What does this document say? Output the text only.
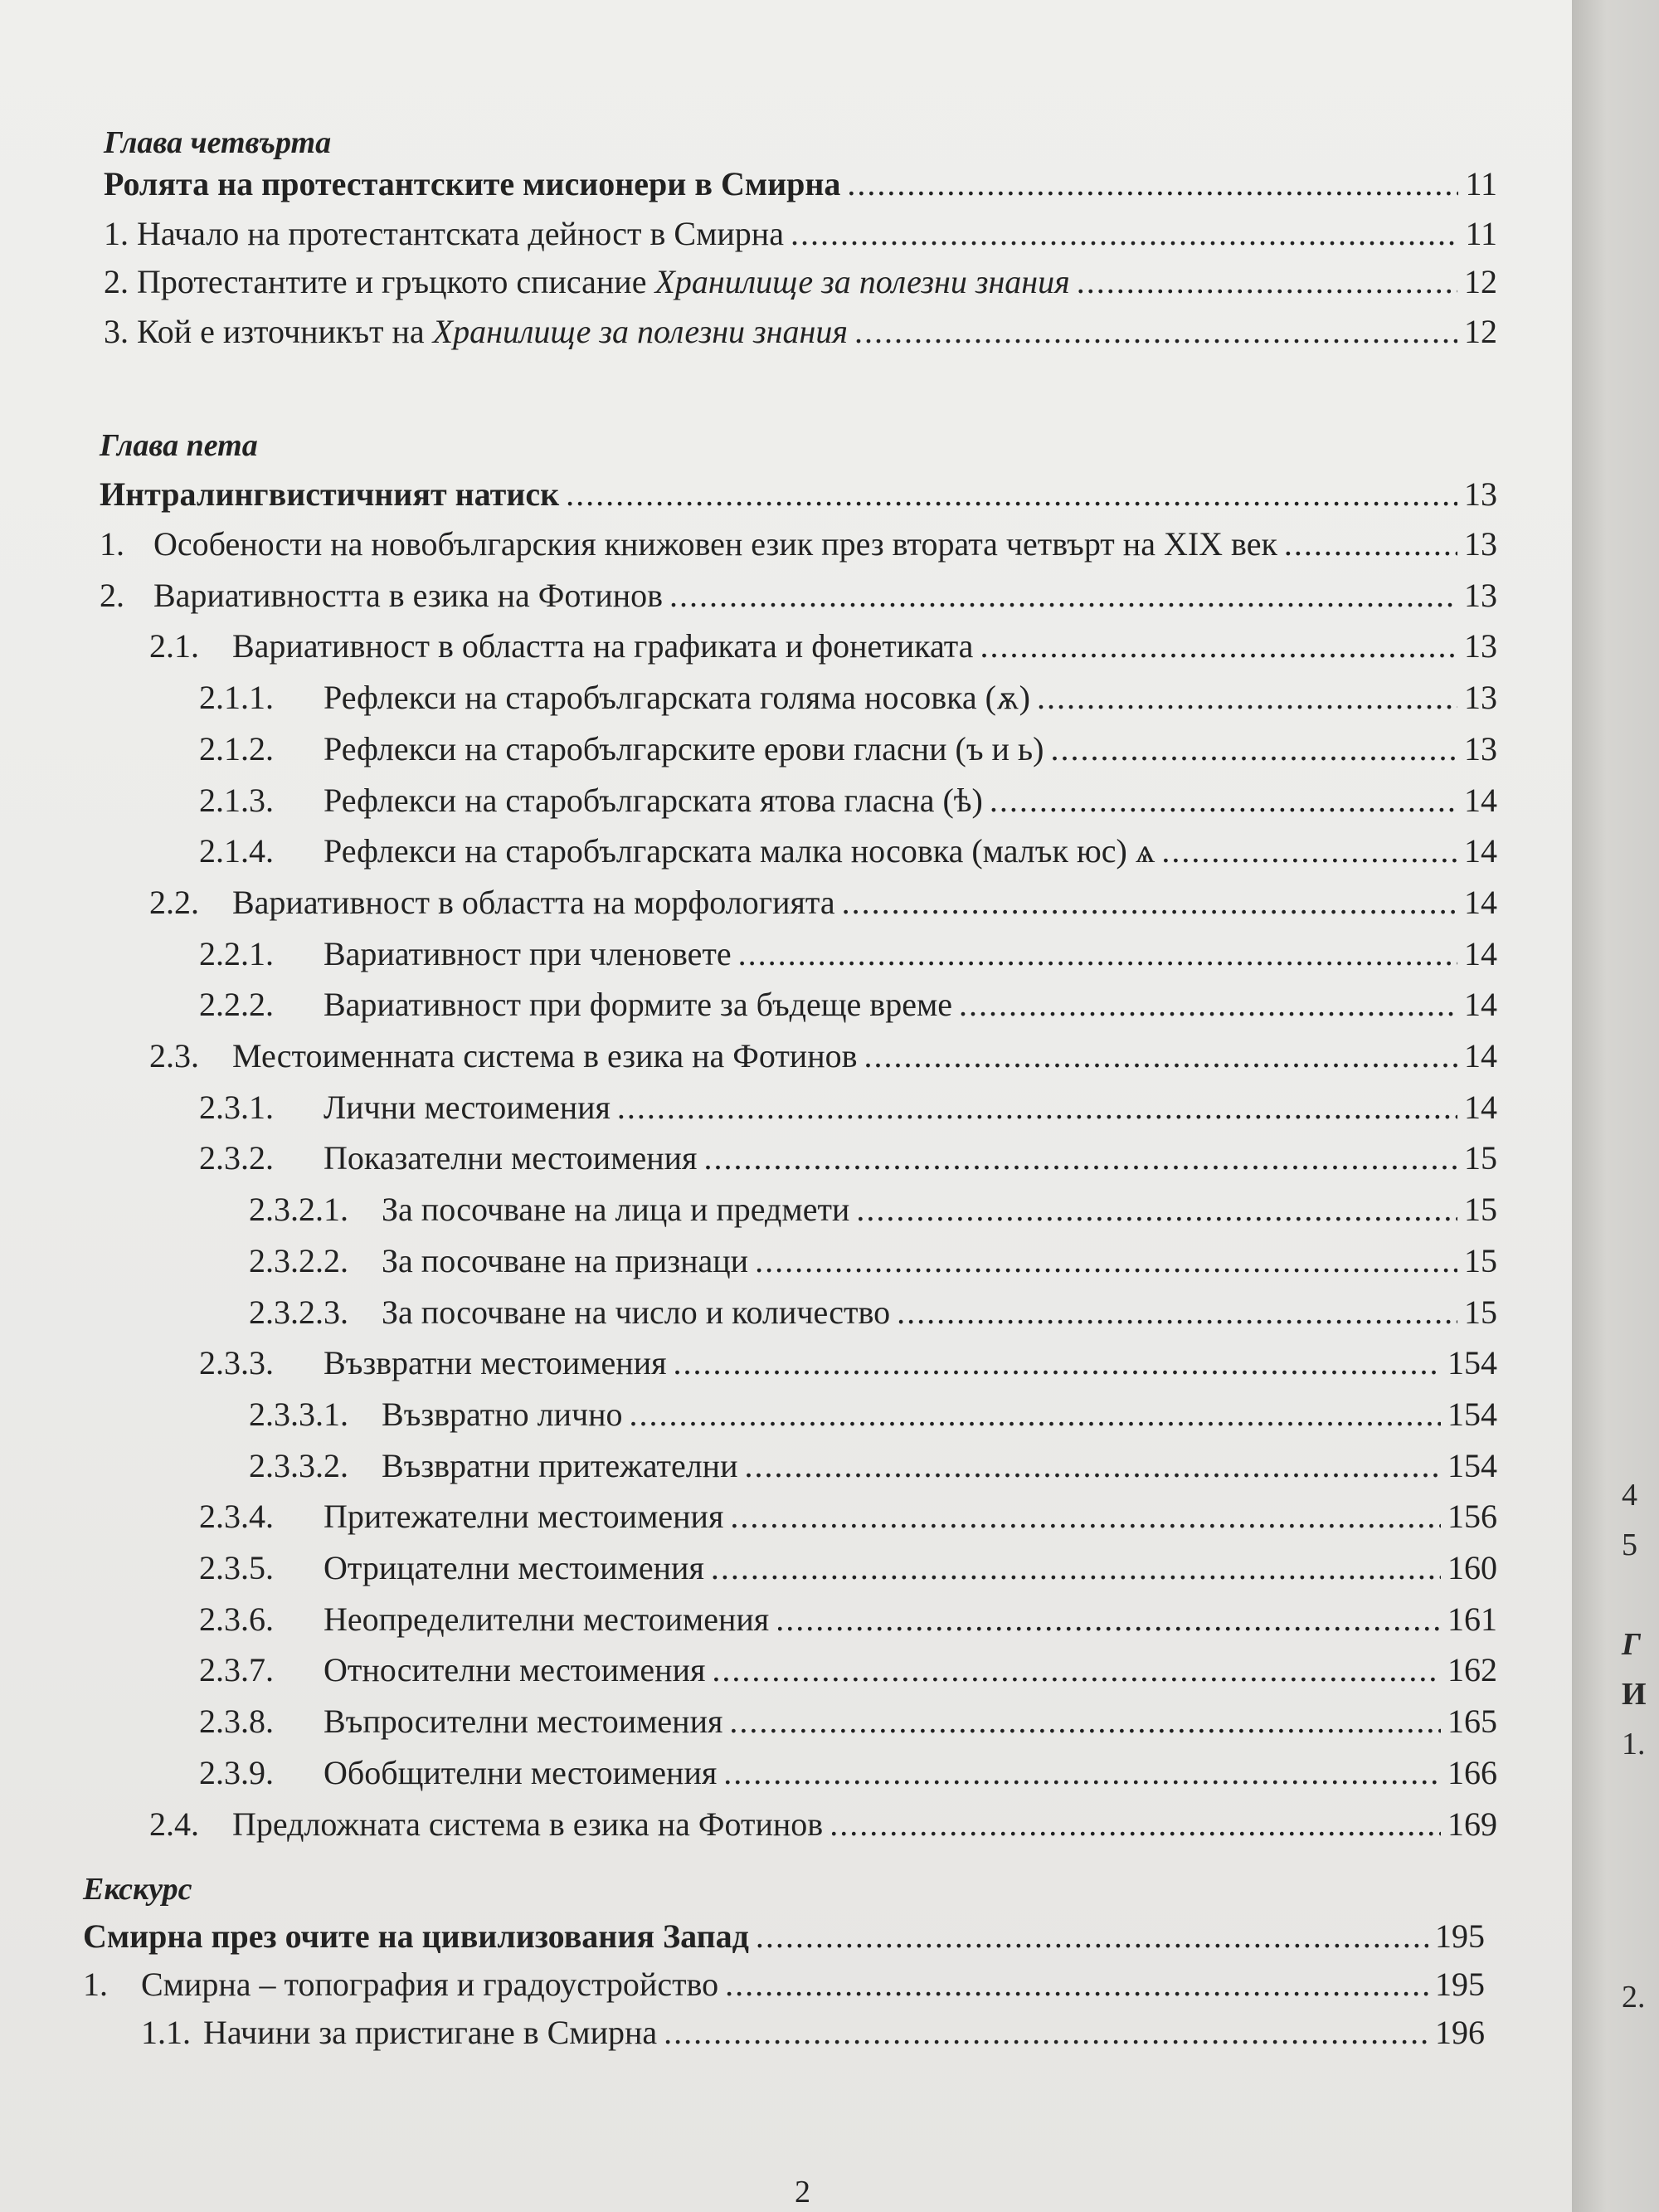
Глава четвърта
Ролята на протестантските мисионери в Смирна .....	11
1. Начало на протестантската дейност в Смирна .....	11
2. Протестантите и гръцкото списание Хранилище за полезни знания .....	12
3. Кой е източникът на Хранилище за полезни знания .....	12
Глава пета
Интралингвистичният натиск .....	13
1. Особености на новобългарския книжовен език през втората четвърт на XIX век .....	13
2. Вариативността в езика на Фотинов .....	13
2.1. Вариативност в областта на графиката и фонетиката .....	13
2.1.1. Рефлекси на старобългарската голяма носовка (ѫ) .....	13
2.1.2. Рефлекси на старобългарските ерови гласни (ъ и ь) .....	13
2.1.3. Рефлекси на старобългарската ятова гласна (ѣ) .....	14
2.1.4. Рефлекси на старобългарската малка носовка (малък юс) ѧ .....	14
2.2. Вариативност в областта на морфологията .....	14
2.2.1. Вариативност при членовете .....	14
2.2.2. Вариативност при формите за бъдеще време .....	14
2.3. Местоименната система в езика на Фотинов .....	14
2.3.1. Лични местоимения .....	14
2.3.2. Показателни местоимения .....	15
2.3.2.1. За посочване на лица и предмети .....	15
2.3.2.2. За посочване на признаци .....	15
2.3.2.3. За посочване на число и количество .....	15
2.3.3. Възвратни местоимения .....	154
2.3.3.1. Възвратно лично .....	154
2.3.3.2. Възвратни притежателни .....	154
2.3.4. Притежателни местоимения .....	156
2.3.5. Отрицателни местоимения .....	160
2.3.6. Неопределителни местоимения .....	161
2.3.7. Относителни местоимения .....	162
2.3.8. Въпросителни местоимения .....	165
2.3.9. Обобщителни местоимения .....	166
2.4. Предложната система в езика на Фотинов .....	169
Екскурс
Смирна през очите на цивилизования Запад .....	195
1. Смирна – топография и градоустройство .....	195
1.1. Начини за пристигане в Смирна .....	196
2
4
5
Г
И
1.
2.
